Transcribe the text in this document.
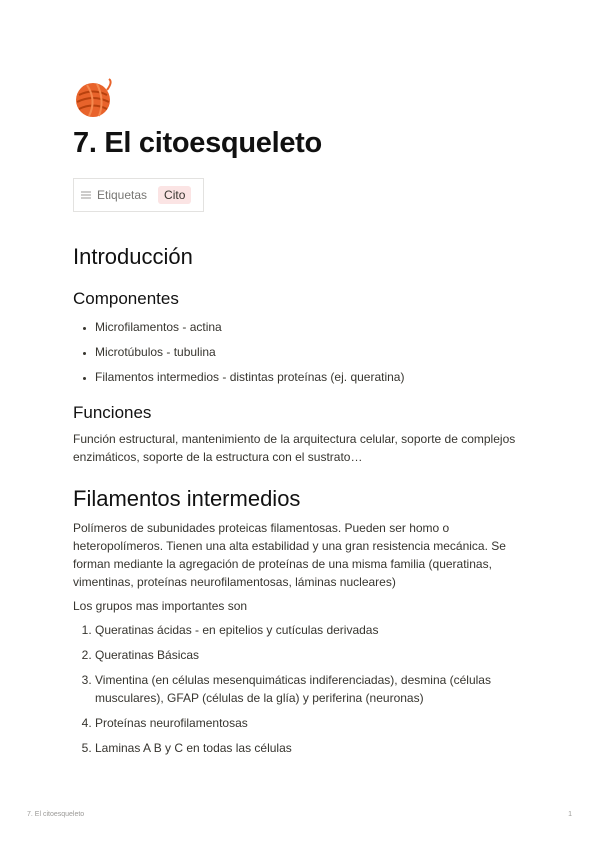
7. El citoesqueleto
Etiquetas	Cito
Introducción
Componentes
• Microfilamentos - actina
• Microtúbulos - tubulina
• Filamentos intermedios - distintas proteínas (ej. queratina)
Funciones

Función estructural, mantenimiento de la arquitectura celular, soporte de complejos enzimáticos, soporte de la estructura con el sustrato…

Filamentos intermedios

Polímeros de subunidades proteicas filamentosas. Pueden ser homo o heteropolímeros. Tienen una alta estabilidad y una gran resistencia mecánica. Se forman mediante la agregación de proteínas de una misma familia (queratinas, vimentinas, proteínas neurofilamentosas, láminas nucleares)

Los grupos mas importantes son

1. Queratinas ácidas - en epitelios y cutículas derivadas
2. Queratinas Básicas
3. Vimentina (en células mesenquimáticas indiferenciadas), desmina (células musculares), GFAP (células de la glía) y periferina (neuronas)
4. Proteínas neurofilamentosas
5. Laminas A B y C en todas las células
7. El citoesqueleto	1
